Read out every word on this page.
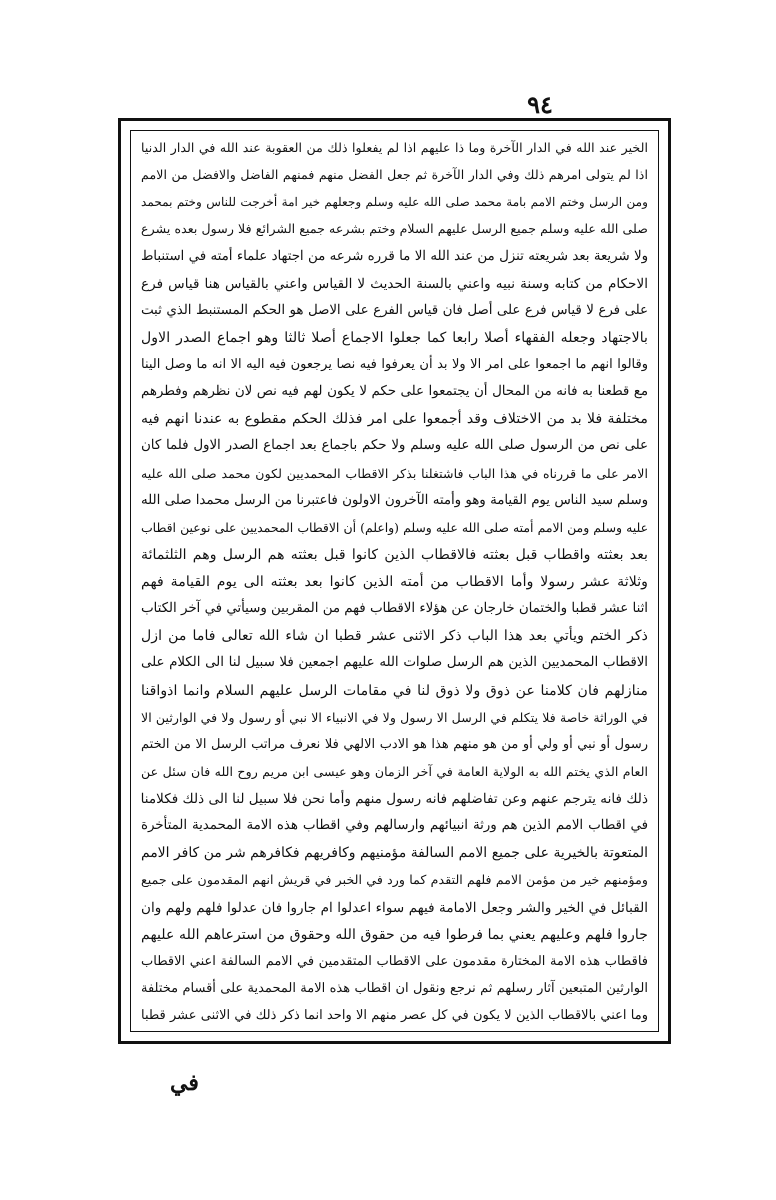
٩٤
الخير عند الله في الدار الآخرة وما ذا عليهم اذا لم يفعلوا ذلك من العقوبة عند الله في الدار الدنيا
اذا لم يتولى امرهم ذلك وفي الدار الآخرة ثم جعل الفضل منهم فمنهم الفاضل والافضل من الامم
ومن الرسل وختم الامم بامة محمد صلى الله عليه وسلم وجعلهم خير امة أخرجت للناس وختم بمحمد
صلى الله عليه وسلم جميع الرسل عليهم السلام وختم بشرعه جميع الشرائع فلا رسول بعده يشرع
ولا شريعة بعد شريعته تنزل من عند الله الا ما قرره شرعه من اجتهاد علماء أمته في استنباط
الاحكام من كتابه وسنة نبيه واعني بالسنة الحديث لا القياس واعني بالقياس هنا قياس فرع
على فرع لا قياس فرع على أصل فان قياس الفرع على الاصل هو الحكم المستنبط الذي ثبت
بالاجتهاد وجعله الفقهاء أصلا رابعا كما جعلوا الاجماع أصلا ثالثا وهو اجماع الصدر الاول
وقالوا انهم ما اجمعوا على امر الا ولا بد أن يعرفوا فيه نصا يرجعون فيه اليه الا انه ما وصل الينا
مع قطعنا به فانه من المحال أن يجتمعوا على حكم لا يكون لهم فيه نص لان نظرهم وفطرهم
مختلفة فلا بد من الاختلاف وقد أجمعوا على امر فذلك الحكم مقطوع به عندنا انهم فيه
على نص من الرسول صلى الله عليه وسلم ولا حكم باجماع بعد اجماع الصدر الاول فلما كان
الامر على ما قررناه في هذا الباب فاشتغلنا بذكر الاقطاب المحمديين لكون محمد صلى الله عليه
وسلم سيد الناس يوم القيامة وهو وأمته الآخرون الاولون فاعتبرنا من الرسل محمدا صلى الله
عليه وسلم ومن الامم أمته صلى الله عليه وسلم (واعلم) أن الاقطاب المحمديين على نوعين اقطاب
بعد بعثته واقطاب قبل بعثته فالاقطاب الذين كانوا قبل بعثته هم الرسل وهم الثلثمائة
وثلاثة عشر رسولا وأما الاقطاب من أمته الذين كانوا بعد بعثته الى يوم القيامة فهم
اثنا عشر قطبا والختمان خارجان عن هؤلاء الاقطاب فهم من المقربين وسيأتي في آخر الكتاب
ذكر الختم ويأتي بعد هذا الباب ذكر الاثنى عشر قطبا ان شاء الله تعالى فاما من ازل
الاقطاب المحمديين الذين هم الرسل صلوات الله عليهم اجمعين فلا سبيل لنا الى الكلام على
منازلهم فان كلامنا عن ذوق ولا ذوق لنا في مقامات الرسل عليهم السلام وانما اذواقنا
في الوراثة خاصة فلا يتكلم في الرسل الا رسول ولا في الانبياء الا نبي أو رسول ولا في الوارثين الا
رسول أو نبي أو ولي أو من هو منهم هذا هو الادب الالهي فلا نعرف مراتب الرسل الا من الختم
العام الذي يختم الله به الولاية العامة في آخر الزمان وهو عيسى ابن مريم روح الله فان سئل عن
ذلك فانه يترجم عنهم وعن تفاضلهم فانه رسول منهم وأما نحن فلا سبيل لنا الى ذلك فكلامنا
في اقطاب الامم الذين هم ورثة انبيائهم وارسالهم وفي اقطاب هذه الامة المحمدية المتأخرة
المتعوتة بالخيرية على جميع الامم السالفة مؤمنيهم وكافريهم فكافرهم شر من كافر الامم
ومؤمنهم خير من مؤمن الامم فلهم التقدم كما ورد في الخبر في قريش انهم المقدمون على جميع
القبائل في الخير والشر وجعل الامامة فيهم سواء اعدلوا ام جاروا فان عدلوا فلهم ولهم وان
جاروا فلهم وعليهم يعني بما فرطوا فيه من حقوق الله وحقوق من استرعاهم الله عليهم
فاقطاب هذه الامة المختارة مقدمون على الاقطاب المتقدمين في الامم السالفة اعني الاقطاب
الوارثين المتبعين آثار رسلهم ثم نرجع ونقول ان اقطاب هذه الامة المحمدية على أقسام مختلفة
وما اعني بالاقطاب الذين لا يكون في كل عصر منهم الا واحد انما ذكر ذلك في الاثنى عشر قطبا
في
